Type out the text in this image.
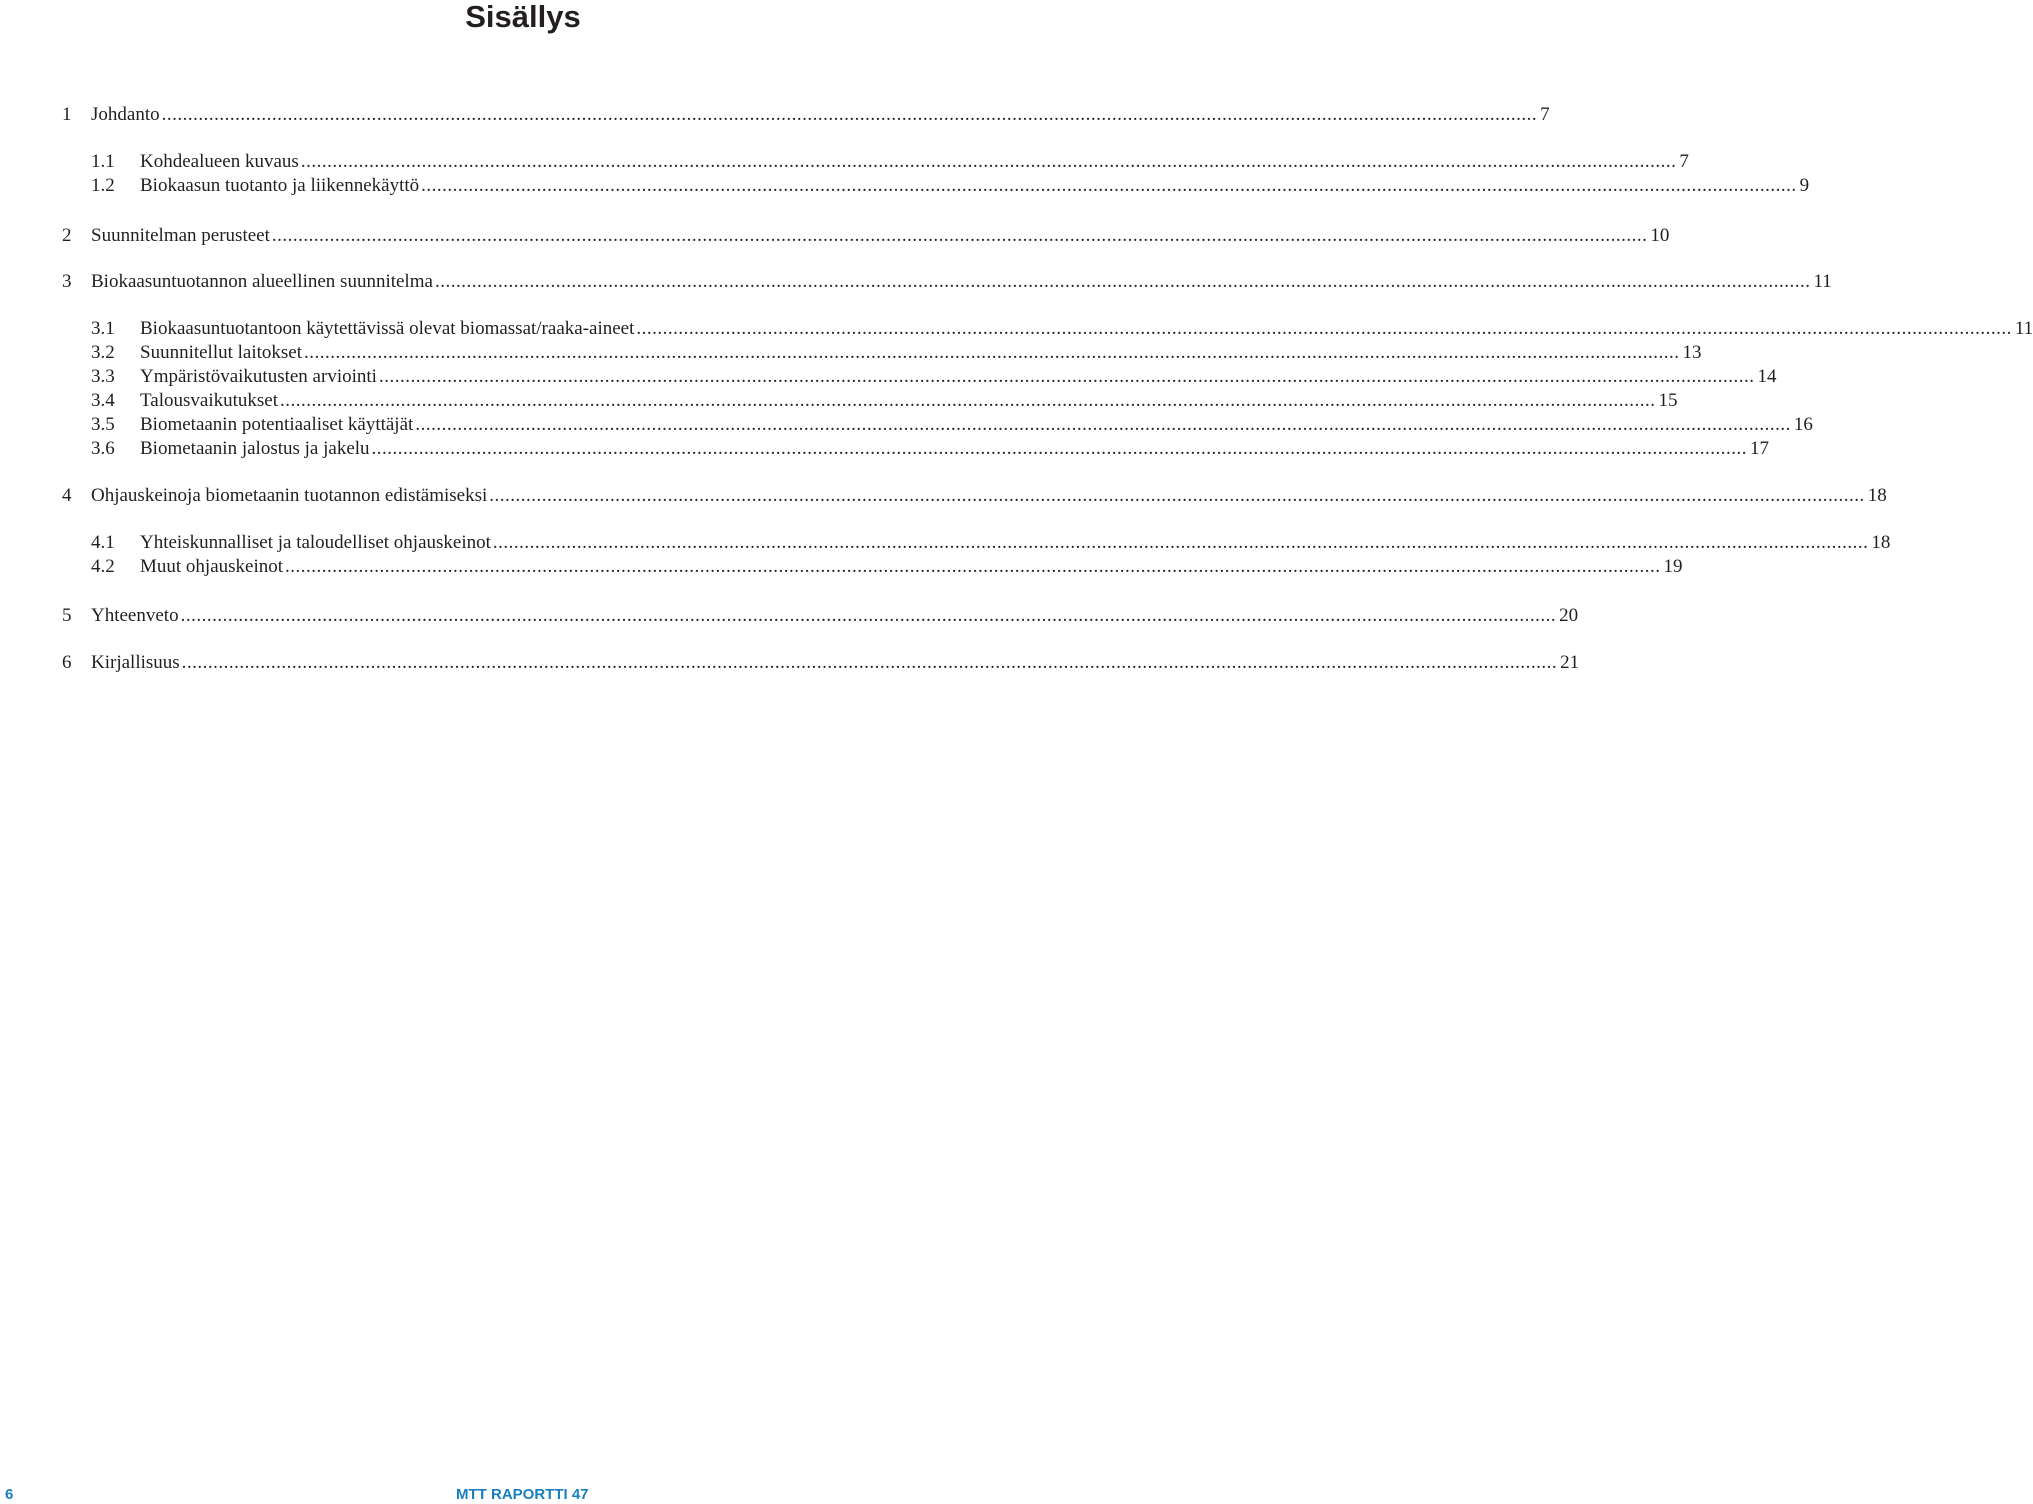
Sisällys
1	Johdanto .....	7
1.1	Kohdealueen kuvaus .....	7
1.2	Biokaasun tuotanto ja liikennekäyttö .....	9
2	Suunnitelman perusteet .....	10
3	Biokaasuntuotannon alueellinen suunnitelma .....	11
3.1	Biokaasuntuotantoon käytettävissä olevat biomassat/raaka-aineet .....	11
3.2	Suunnitellut laitokset .....	13
3.3	Ympäristövaikutusten arviointi .....	14
3.4	Talousvaikutukset .....	15
3.5	Biometaanin potentiaaliset käyttäjät .....	16
3.6	Biometaanin jalostus ja jakelu .....	17
4	Ohjauskeinoja biometaanin tuotannon edistämiseksi .....	18
4.1	Yhteiskunnalliset ja taloudelliset ohjauskeinot .....	18
4.2	Muut ohjauskeinot .....	19
5	Yhteenveto .....	20
6	Kirjallisuus .....	21
6	MTT RAPORTTI 47
